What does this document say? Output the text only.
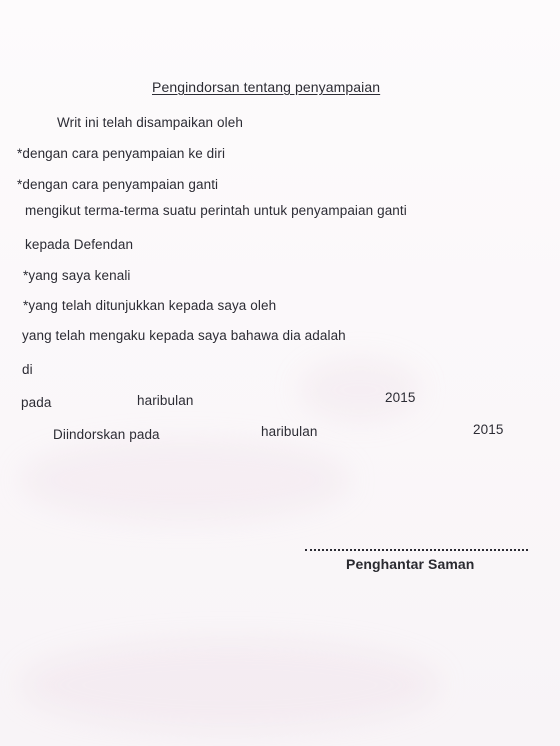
Pengindorsan tentang penyampaian
Writ ini telah disampaikan oleh
*dengan cara penyampaian ke diri
*dengan cara penyampaian ganti
mengikut terma-terma suatu perintah untuk penyampaian ganti
kepada Defendan
*yang saya kenali
*yang telah ditunjukkan kepada saya oleh
yang telah mengaku kepada saya bahawa dia adalah
di
pada	haribulan	2015
Diindorskan pada	haribulan	2015
Penghantar Saman
